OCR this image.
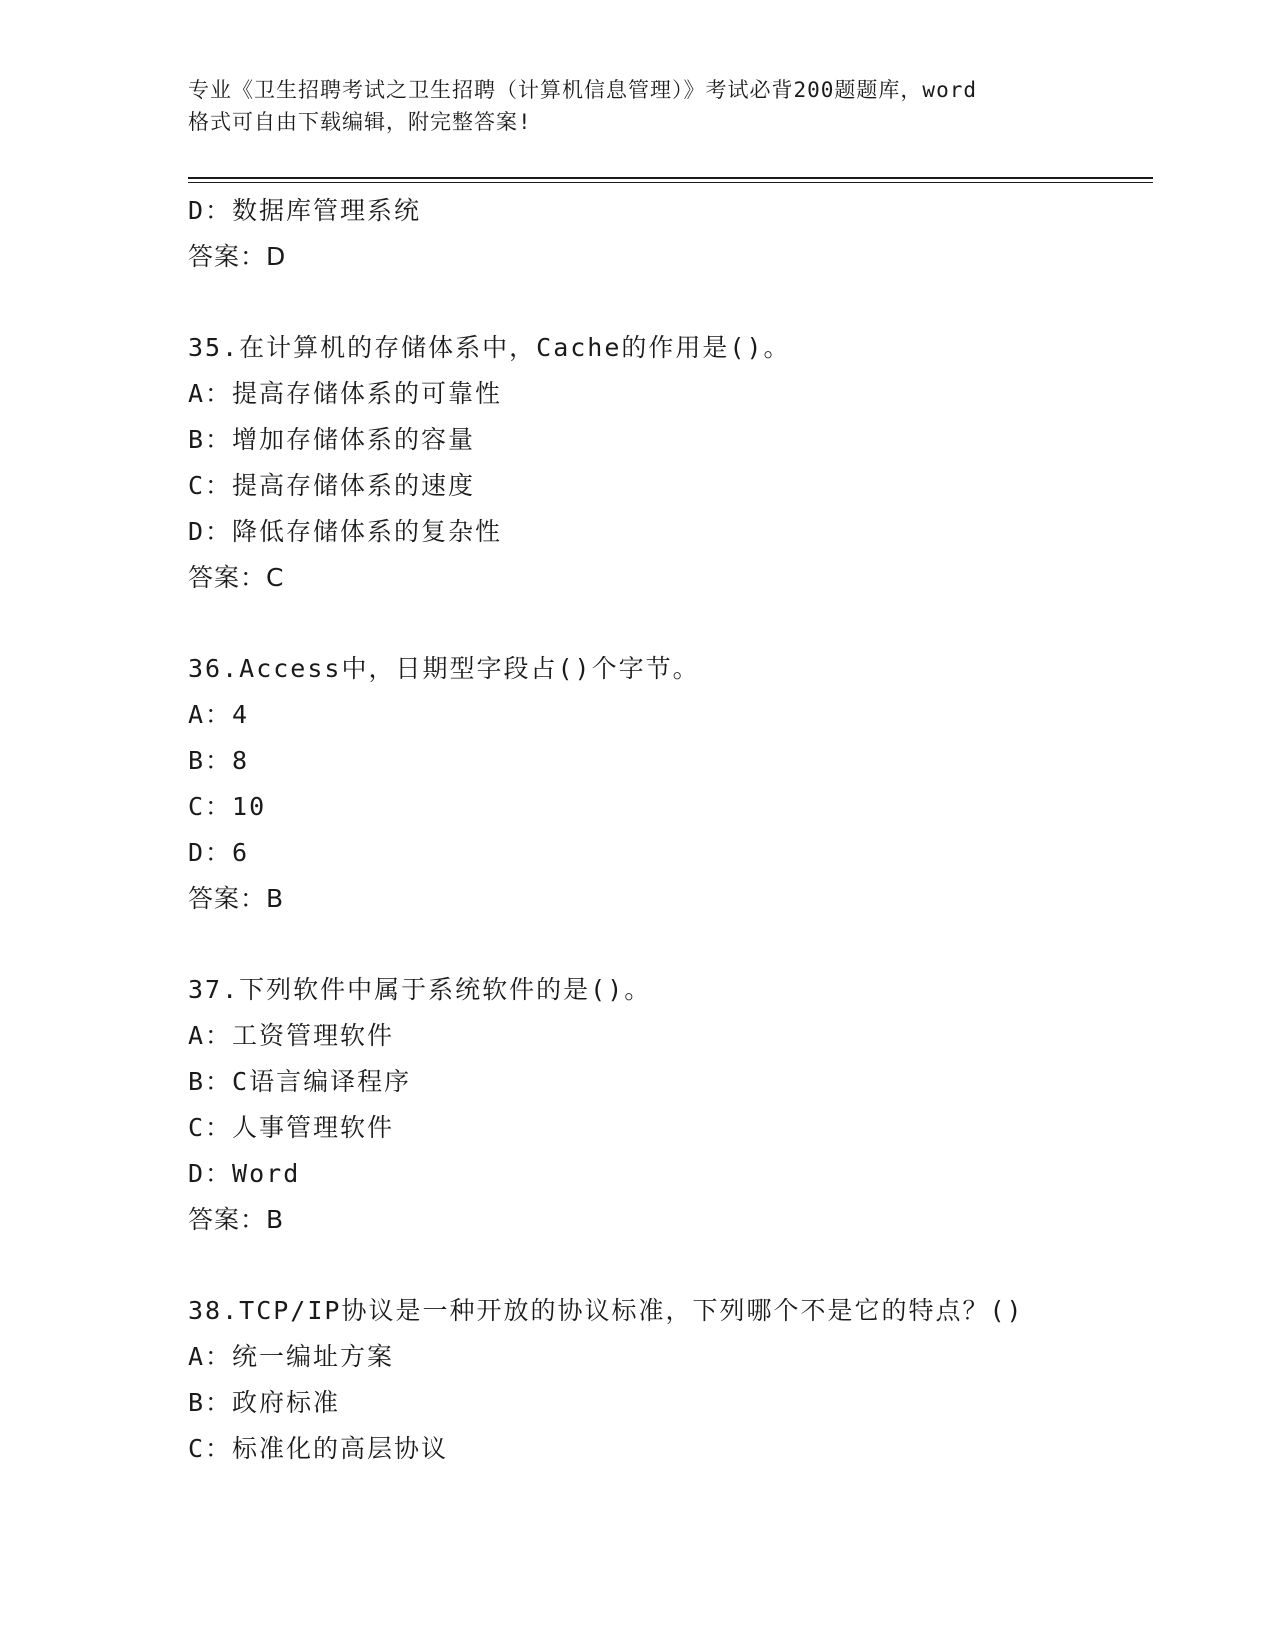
专业《卫生招聘考试之卫生招聘（计算机信息管理）》考试必背200题题库，word
格式可自由下载编辑，附完整答案!
D：数据库管理系统
答案：D
35.在计算机的存储体系中，Cache的作用是()。
A：提高存储体系的可靠性
B：增加存储体系的容量
C：提高存储体系的速度
D：降低存储体系的复杂性
答案：C
36.Access中，日期型字段占()个字节。
A：4
B：8
C：10
D：6
答案：B
37.下列软件中属于系统软件的是()。
A：工资管理软件
B：C语言编译程序
C：人事管理软件
D：Word
答案：B
38.TCP/IP协议是一种开放的协议标准，下列哪个不是它的特点？()
A：统一编址方案
B：政府标准
C：标准化的高层协议
